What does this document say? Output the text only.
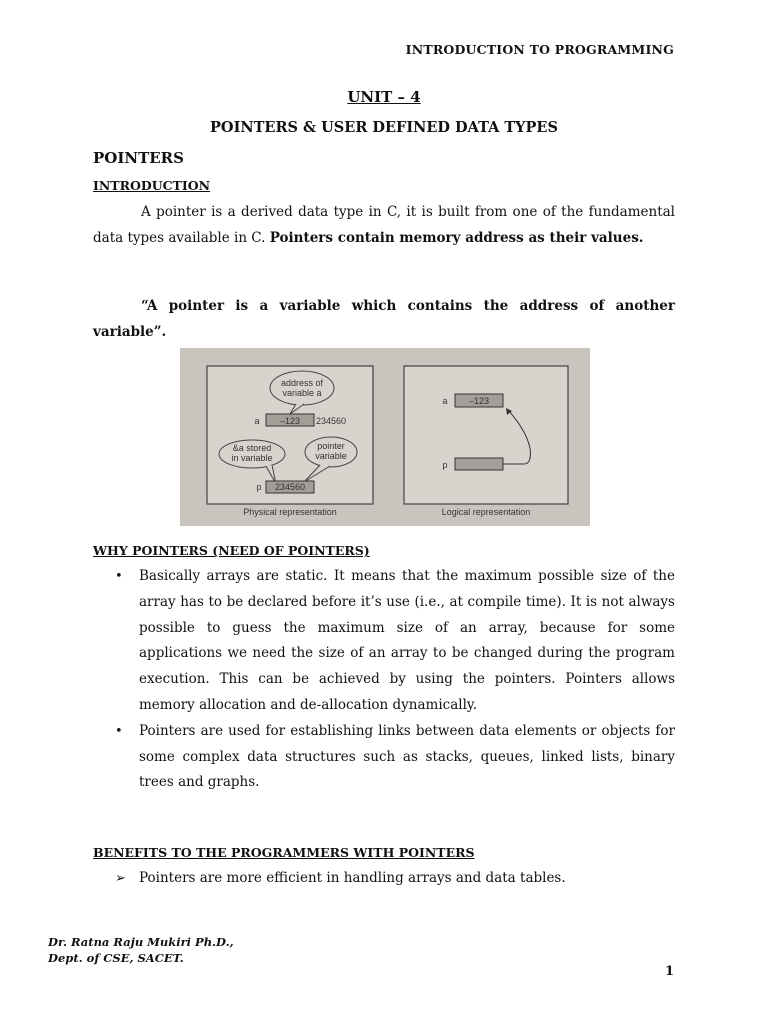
INTRODUCTION TO PROGRAMMING
UNIT – 4
POINTERS & USER DEFINED DATA TYPES
POINTERS
INTRODUCTION
A pointer is a derived data type in C, it is built from one of the fundamental data types available in C. Pointers contain memory address as their values.
“A pointer is a variable which contains the address of another variable”.
address of
variable a
a –123 234560
&a stored
in variable
pointer
variable
p 234560
Physical representation
a –123
p
Logical representation
WHY POINTERS (NEED OF POINTERS)
• Basically arrays are static. It means that the maximum possible size of the array has to be declared before it’s use (i.e., at compile time). It is not always possible to guess the maximum size of an array, because for some applications we need the size of an array to be changed during the program execution. This can be achieved by using the pointers. Pointers allows memory allocation and de-allocation dynamically.
• Pointers are used for establishing links between data elements or objects for some complex data structures such as stacks, queues, linked lists, binary trees and graphs.
BENEFITS TO THE PROGRAMMERS WITH POINTERS
➢ Pointers are more efficient in handling arrays and data tables.
Dr. Ratna Raju Mukiri Ph.D.,
Dept. of CSE, SACET.
1
